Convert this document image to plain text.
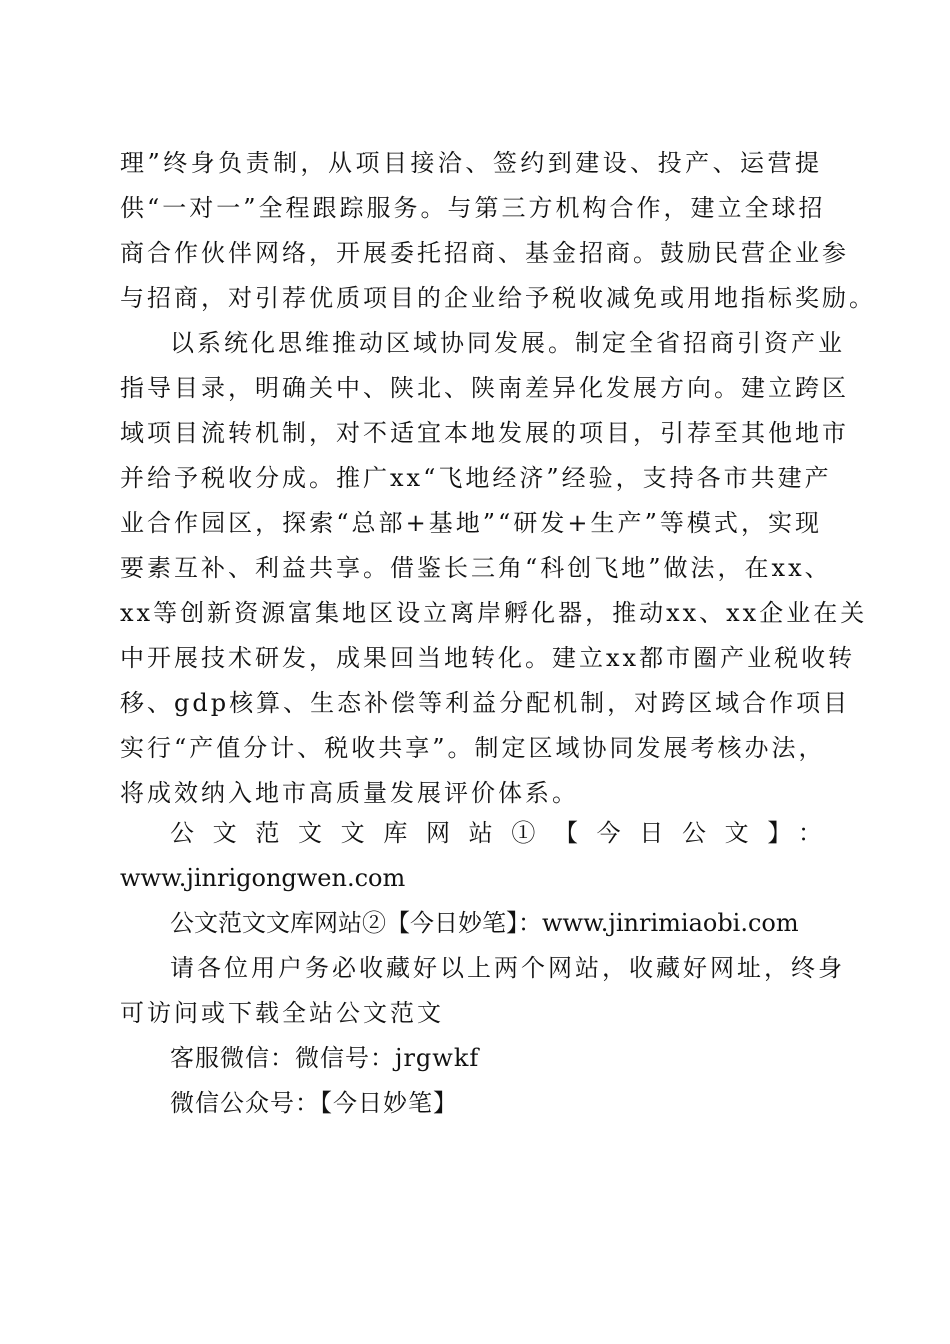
理”终身负责制，从项目接洽、签约到建设、投产、运营提
供“一对一”全程跟踪服务。与第三方机构合作，建立全球招
商合作伙伴网络，开展委托招商、基金招商。鼓励民营企业参
与招商，对引荐优质项目的企业给予税收减免或用地指标奖励。
以系统化思维推动区域协同发展。制定全省招商引资产业
指导目录，明确关中、陕北、陕南差异化发展方向。建立跨区
域项目流转机制，对不适宜本地发展的项目，引荐至其他地市
并给予税收分成。推广xx“飞地经济”经验，支持各市共建产
业合作园区，探索“总部+基地”“研发+生产”等模式，实现
要素互补、利益共享。借鉴长三角“科创飞地”做法，在xx、
xx等创新资源富集地区设立离岸孵化器，推动xx、xx企业在关
中开展技术研发，成果回当地转化。建立xx都市圈产业税收转
移、gdp核算、生态补偿等利益分配机制，对跨区域合作项目
实行“产值分计、税收共享”。制定区域协同发展考核办法，
将成效纳入地市高质量发展评价体系。
公文范文文库网站①【今日公文】：
www.jinrigongwen.com
公文范文文库网站②【今日妙笔】：www.jinrimiaobi.com
请各位用户务必收藏好以上两个网站，收藏好网址，终身
可访问或下载全站公文范文
客服微信：微信号：jrgwkf
微信公众号：【今日妙笔】
